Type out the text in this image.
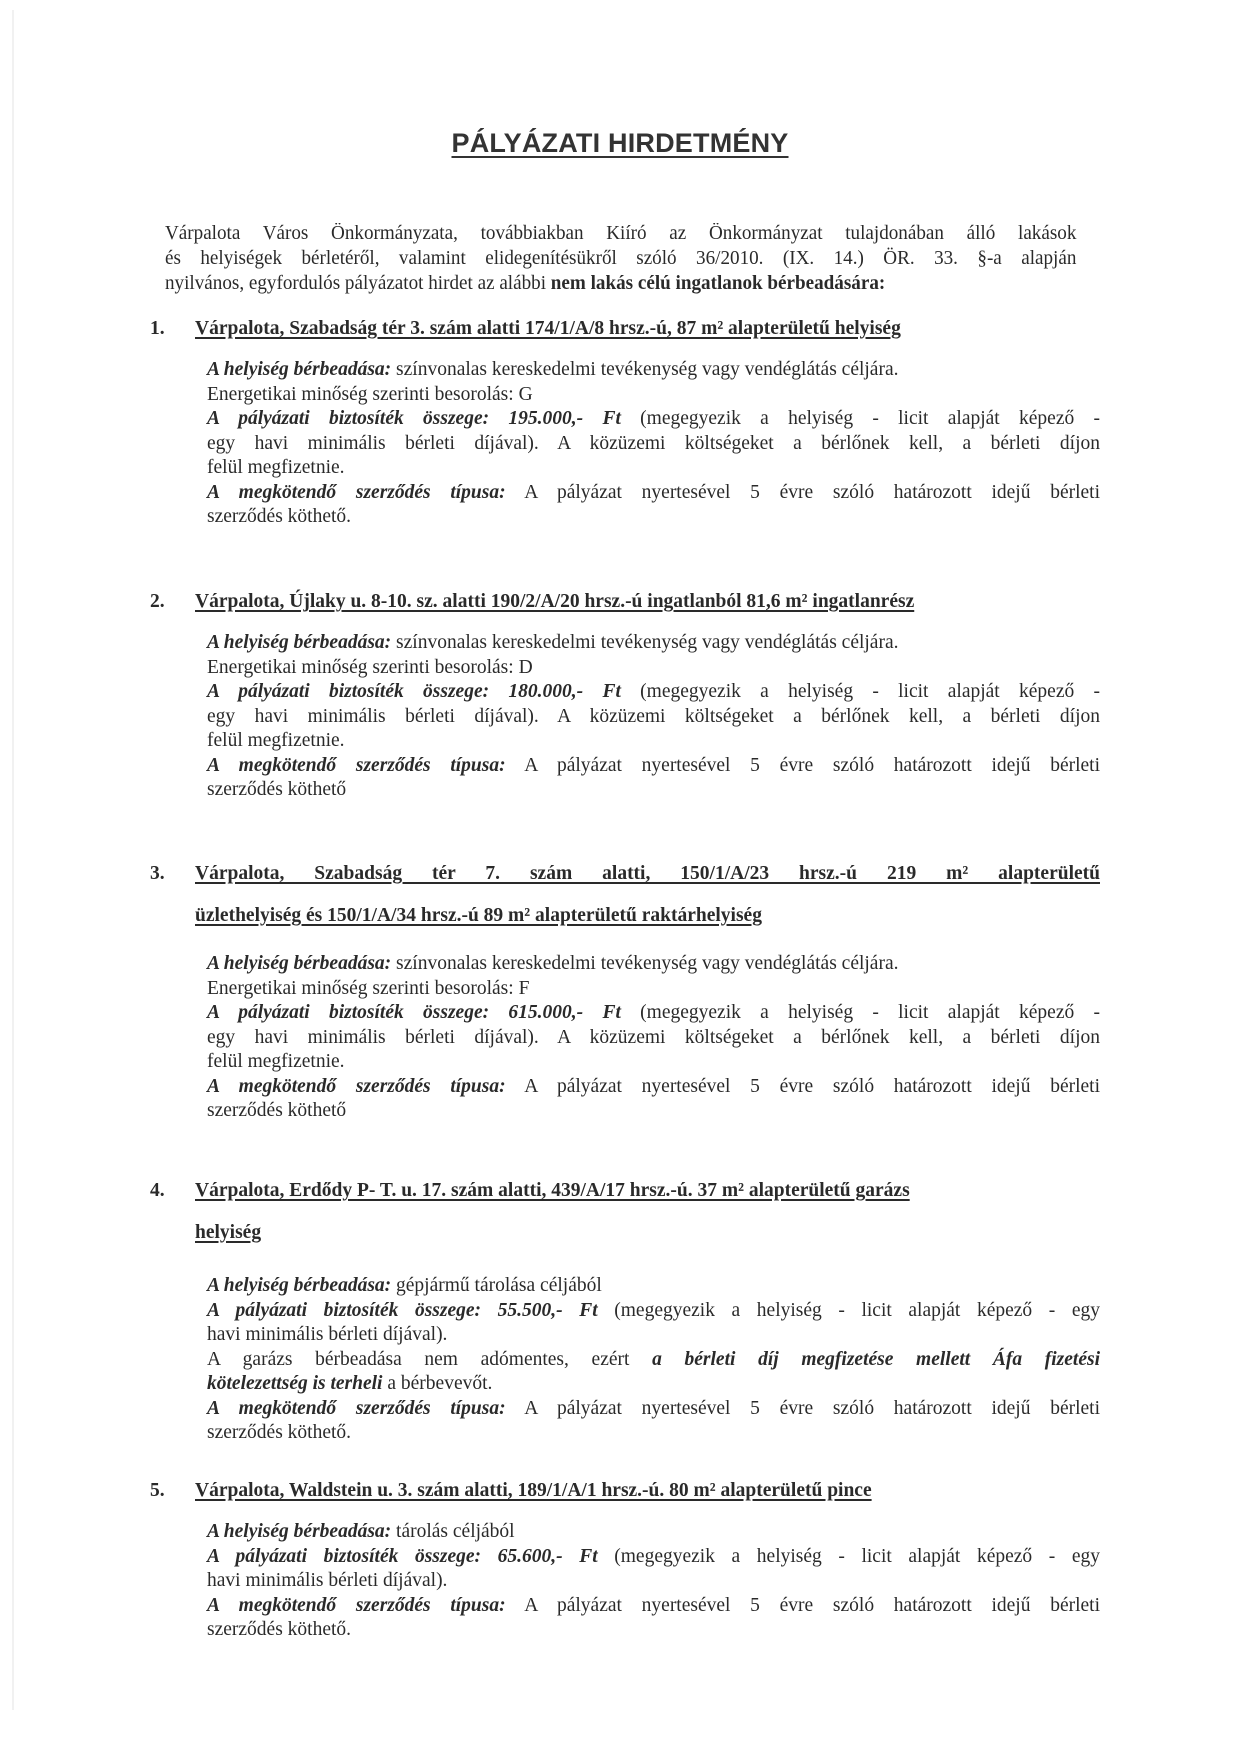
PÁLYÁZATI HIRDETMÉNY
Várpalota Város Önkormányzata, továbbiakban Kiíró az Önkormányzat tulajdonában álló lakások
és helyiségek bérletéről, valamint elidegenítésükről szóló 36/2010. (IX. 14.) ÖR. 33. §-a alapján
nyilvános, egyfordulós pályázatot hirdet az alábbi nem lakás célú ingatlanok bérbeadására:
1. Várpalota, Szabadság tér 3. szám alatti 174/1/A/8 hrsz.-ú, 87 m² alapterületű helyiség
A helyiség bérbeadása: színvonalas kereskedelmi tevékenység vagy vendéglátás céljára.
Energetikai minőség szerinti besorolás: G
A pályázati biztosíték összege: 195.000,- Ft (megegyezik a helyiség - licit alapját képező -
egy havi minimális bérleti díjával). A közüzemi költségeket a bérlőnek kell, a bérleti díjon
felül megfizetnie.
A megkötendő szerződés típusa: A pályázat nyertesével 5 évre szóló határozott idejű bérleti
szerződés köthető.
2. Várpalota, Újlaky u. 8-10. sz. alatti 190/2/A/20 hrsz.-ú ingatlanból 81,6 m² ingatlanrész
A helyiség bérbeadása: színvonalas kereskedelmi tevékenység vagy vendéglátás céljára.
Energetikai minőség szerinti besorolás: D
A pályázati biztosíték összege: 180.000,- Ft (megegyezik a helyiség - licit alapját képező -
egy havi minimális bérleti díjával). A közüzemi költségeket a bérlőnek kell, a bérleti díjon
felül megfizetnie.
A megkötendő szerződés típusa: A pályázat nyertesével 5 évre szóló határozott idejű bérleti
szerződés köthető
3. Várpalota, Szabadság tér 7. szám alatti, 150/1/A/23 hrsz.-ú 219 m² alapterületű
üzlethelyiség és 150/1/A/34 hrsz.-ú 89 m² alapterületű raktárhelyiség
A helyiség bérbeadása: színvonalas kereskedelmi tevékenység vagy vendéglátás céljára.
Energetikai minőség szerinti besorolás: F
A pályázati biztosíték összege: 615.000,- Ft (megegyezik a helyiség - licit alapját képező -
egy havi minimális bérleti díjával). A közüzemi költségeket a bérlőnek kell, a bérleti díjon
felül megfizetnie.
A megkötendő szerződés típusa: A pályázat nyertesével 5 évre szóló határozott idejű bérleti
szerződés köthető
4. Várpalota, Erdődy P- T. u. 17. szám alatti, 439/A/17 hrsz.-ú. 37 m² alapterületű garázs
helyiség
A helyiség bérbeadása: gépjármű tárolása céljából
A pályázati biztosíték összege: 55.500,- Ft (megegyezik a helyiség - licit alapját képező - egy
havi minimális bérleti díjával).
A garázs bérbeadása nem adómentes, ezért a bérleti díj megfizetése mellett Áfa fizetési
kötelezettség is terheli a bérbevevőt.
A megkötendő szerződés típusa: A pályázat nyertesével 5 évre szóló határozott idejű bérleti
szerződés köthető.
5. Várpalota, Waldstein u. 3. szám alatti, 189/1/A/1 hrsz.-ú. 80 m² alapterületű pince
A helyiség bérbeadása: tárolás céljából
A pályázati biztosíték összege: 65.600,- Ft (megegyezik a helyiség - licit alapját képező - egy
havi minimális bérleti díjával).
A megkötendő szerződés típusa: A pályázat nyertesével 5 évre szóló határozott idejű bérleti
szerződés köthető.
